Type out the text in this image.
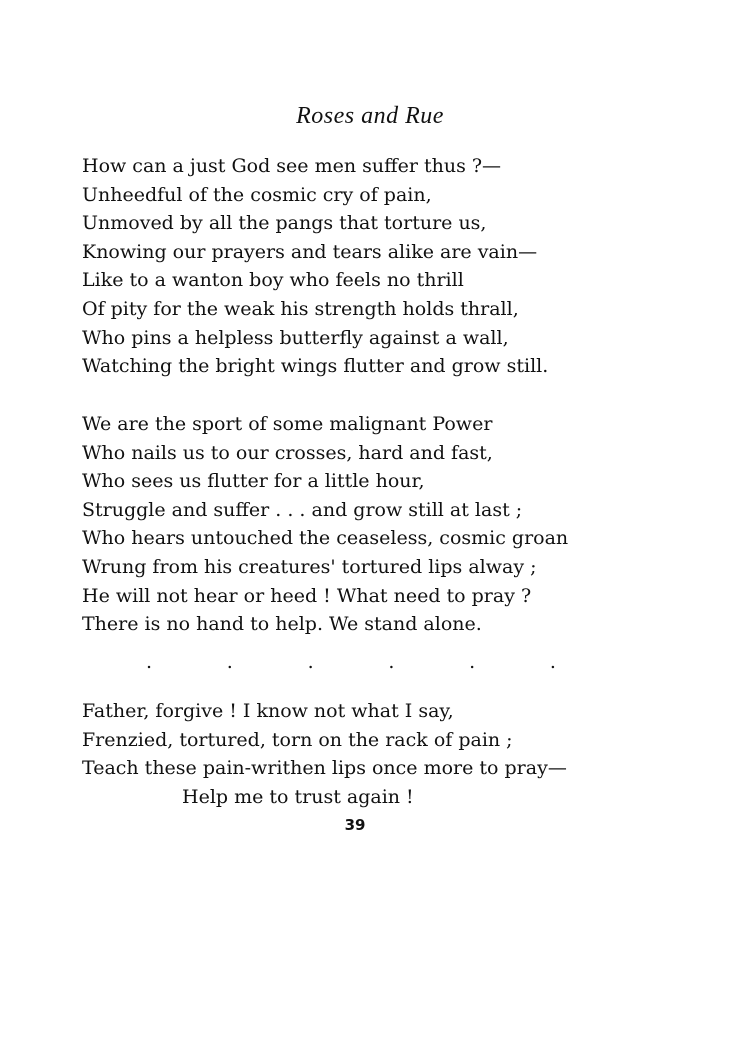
Roses and Rue
How can a just God see men suffer thus ?—
Unheedful of the cosmic cry of pain,
Unmoved by all the pangs that torture us,
Knowing our prayers and tears alike are vain—
Like to a wanton boy who feels no thrill
Of pity for the weak his strength holds thrall,
Who pins a helpless butterfly against a wall,
Watching the bright wings flutter and grow still.
We are the sport of some malignant Power
Who nails us to our crosses, hard and fast,
Who sees us flutter for a little hour,
Struggle and suffer . . . and grow still at last ;
Who hears untouched the ceaseless, cosmic groan
Wrung from his creatures' tortured lips alway ;
He will not hear or heed ! What need to pray ?
There is no hand to help. We stand alone.
.	.	.	.	.	.
Father, forgive ! I know not what I say,
Frenzied, tortured, torn on the rack of pain ;
Teach these pain-writhen lips once more to pray—
Help me to trust again !
39
